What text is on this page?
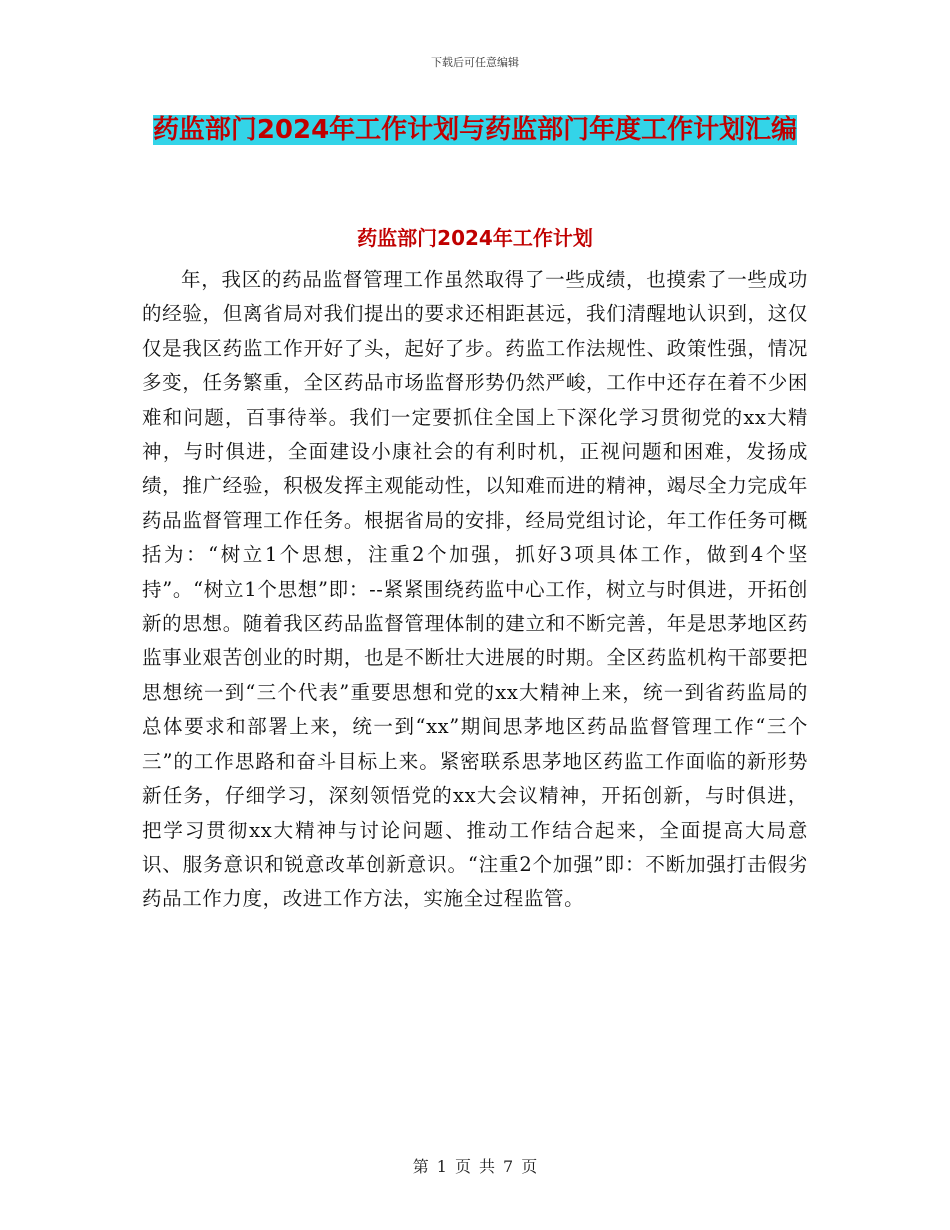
下载后可任意编辑
药监部门2024年工作计划与药监部门年度工作计划汇编
药监部门2024年工作计划

年，我区的药品监督管理工作虽然取得了一些成绩，也摸索了一些成功的经验，但离省局对我们提出的要求还相距甚远，我们清醒地认识到，这仅仅是我区药监工作开好了头，起好了步。药监工作法规性、政策性强，情况多变，任务繁重，全区药品市场监督形势仍然严峻，工作中还存在着不少困难和问题，百事待举。我们一定要抓住全国上下深化学习贯彻党的xx大精神，与时俱进，全面建设小康社会的有利时机，正视问题和困难，发扬成绩，推广经验，积极发挥主观能动性，以知难而进的精神，竭尽全力完成年药品监督管理工作任务。根据省局的安排，经局党组讨论，年工作任务可概括为：“树立1个思想，注重2个加强，抓好3项具体工作，做到4个坚持”。“树立1个思想”即：--紧紧围绕药监中心工作，树立与时俱进，开拓创新的思想。随着我区药品监督管理体制的建立和不断完善，年是思茅地区药监事业艰苦创业的时期，也是不断壮大进展的时期。全区药监机构干部要把思想统一到“三个代表”重要思想和党的xx大精神上来，统一到省药监局的总体要求和部署上来，统一到“xx”期间思茅地区药品监督管理工作“三个三”的工作思路和奋斗目标上来。紧密联系思茅地区药监工作面临的新形势新任务，仔细学习，深刻领悟党的xx大会议精神，开拓创新，与时俱进，把学习贯彻xx大精神与讨论问题、推动工作结合起来，全面提高大局意识、服务意识和锐意改革创新意识。“注重2个加强”即：不断加强打击假劣药品工作力度，改进工作方法，实施全过程监管。

第 1 页 共 7 页
